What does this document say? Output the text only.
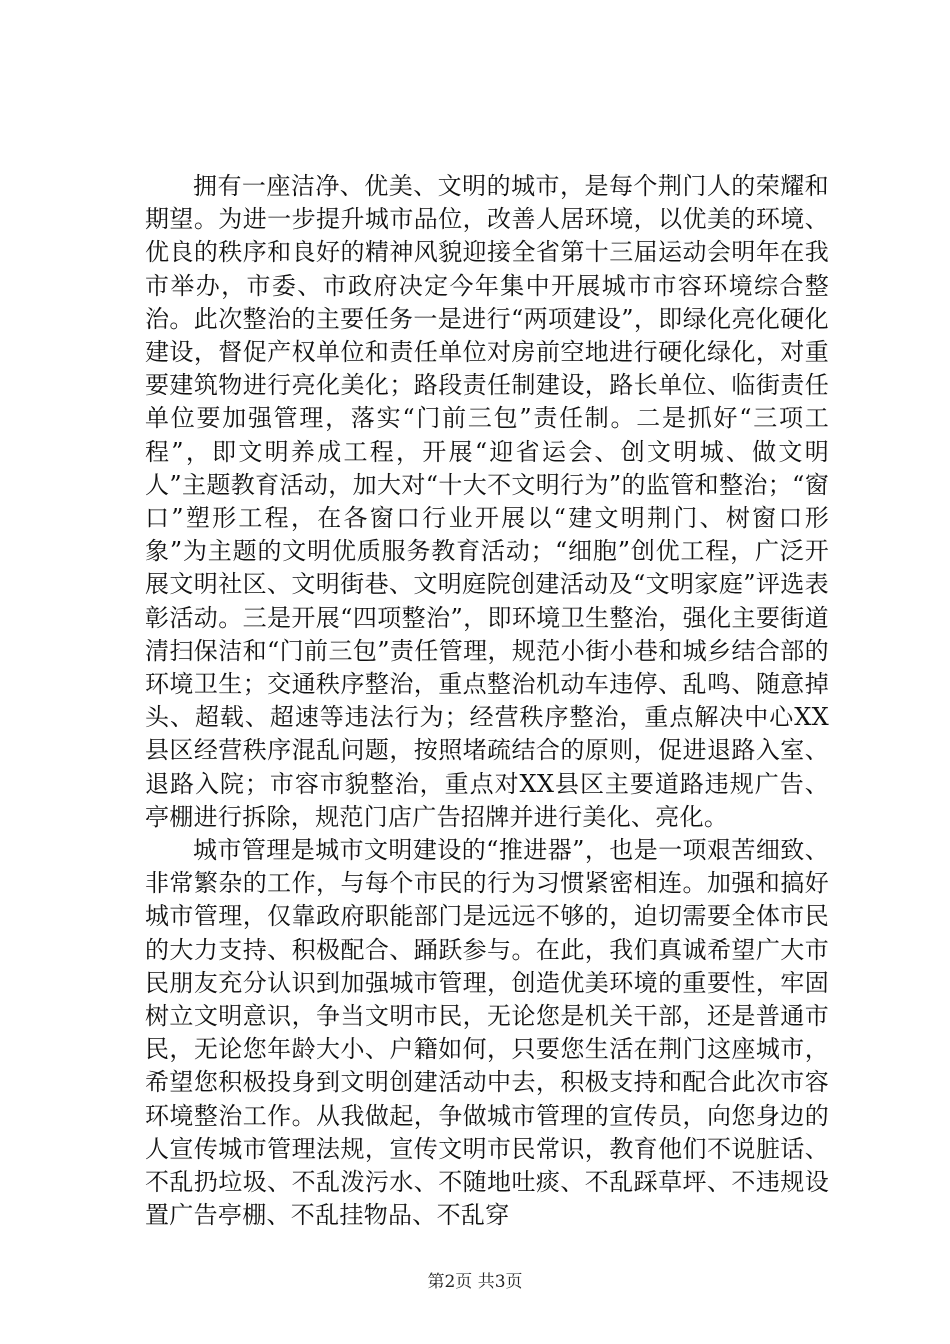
拥有一座洁净、优美、文明的城市，是每个荆门人的荣耀和期望。为进一步提升城市品位，改善人居环境，以优美的环境、优良的秩序和良好的精神风貌迎接全省第十三届运动会明年在我市举办，市委、市政府决定今年集中开展城市市容环境综合整治。此次整治的主要任务一是进行“两项建设”，即绿化亮化硬化建设，督促产权单位和责任单位对房前空地进行硬化绿化，对重要建筑物进行亮化美化；路段责任制建设，路长单位、临街责任单位要加强管理，落实“门前三包”责任制。二是抓好“三项工程”，即文明养成工程，开展“迎省运会、创文明城、做文明人”主题教育活动，加大对“十大不文明行为”的监管和整治；“窗口”塑形工程，在各窗口行业开展以“建文明荆门、树窗口形象”为主题的文明优质服务教育活动；“细胞”创优工程，广泛开展文明社区、文明街巷、文明庭院创建活动及“文明家庭”评选表彰活动。三是开展“四项整治”，即环境卫生整治，强化主要街道清扫保洁和“门前三包”责任管理，规范小街小巷和城乡结合部的环境卫生；交通秩序整治，重点整治机动车违停、乱鸣、随意掉头、超载、超速等违法行为；经营秩序整治，重点解决中心XX县区经营秩序混乱问题，按照堵疏结合的原则，促进退路入室、退路入院；市容市貌整治，重点对XX县区主要道路违规广告、亭棚进行拆除，规范门店广告招牌并进行美化、亮化。

城市管理是城市文明建设的“推进器”，也是一项艰苦细致、非常繁杂的工作，与每个市民的行为习惯紧密相连。加强和搞好城市管理，仅靠政府职能部门是远远不够的，迫切需要全体市民的大力支持、积极配合、踊跃参与。在此，我们真诚希望广大市民朋友充分认识到加强城市管理，创造优美环境的重要性，牢固树立文明意识，争当文明市民，无论您是机关干部，还是普通市民，无论您年龄大小、户籍如何，只要您生活在荆门这座城市，希望您积极投身到文明创建活动中去，积极支持和配合此次市容环境整治工作。从我做起，争做城市管理的宣传员，向您身边的人宣传城市管理法规，宣传文明市民常识，教育他们不说脏话、不乱扔垃圾、不乱泼污水、不随地吐痰、不乱踩草坪、不违规设置广告亭棚、不乱挂物品、不乱穿

第2页 共3页
